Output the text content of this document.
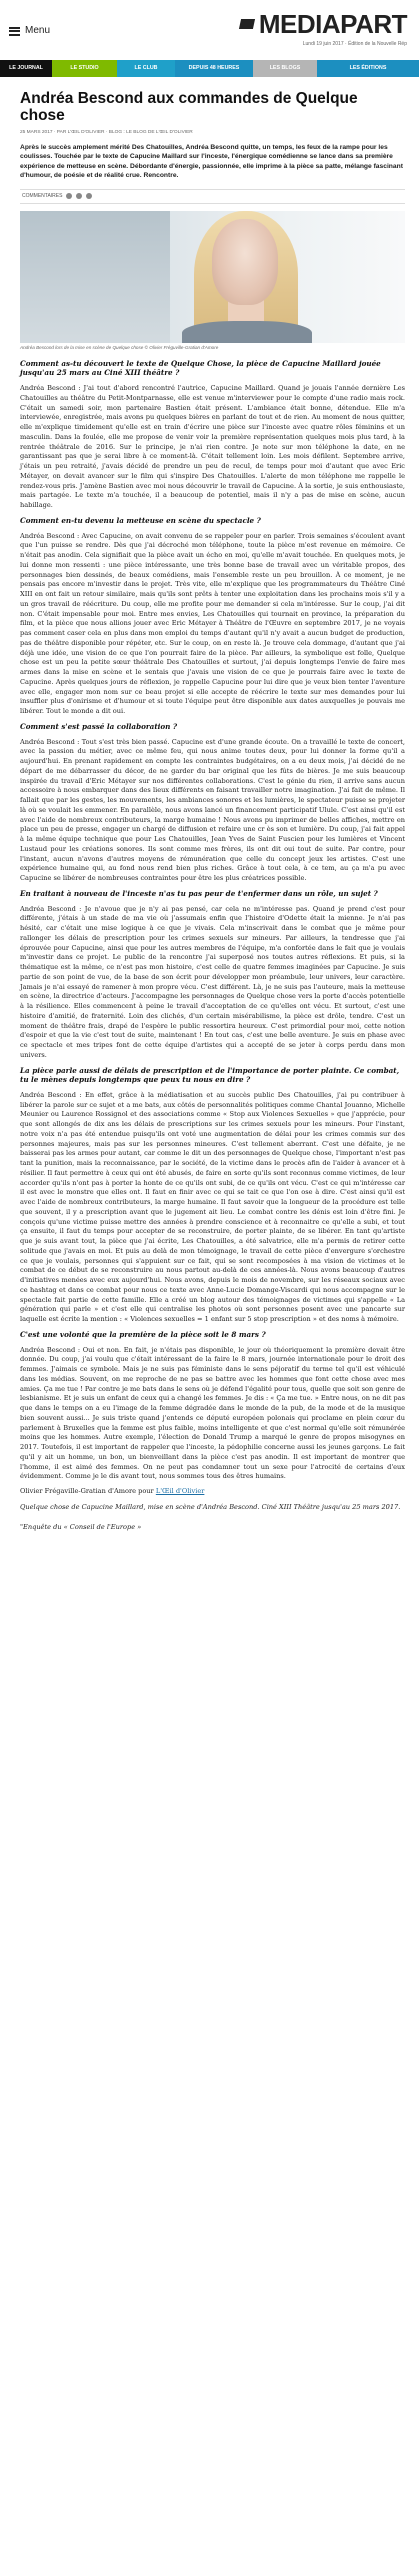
Menu	MEDIAPART
Lundi 19 juin 2017 · Édition de la Nouvelle Rép
LE JOURNAL	LE STUDIO	LE CLUB	DEPUIS 48 HEURES	LES BLOGS	LES ÉDITIONS
Andréa Bescond aux commandes de Quelque chose
25 MARS 2017 · PAR L'ŒIL D'OLIVIER · BLOG : LE BLOG DE L'ŒIL D'OLIVIER
Après le succès amplement mérité Des Chatouilles, Andréa Bescond quitte, un temps, les feux de la rampe pour les coulisses. Touchée par le texte de Capucine Maillard sur l'inceste, l'énergique comédienne se lance dans sa première expérience de metteuse en scène. Débordante d'énergie, passionnée, elle imprime à la pièce sa patte, mélange fascinant d'humour, de poésie et de réalité crue. Rencontre.
COMMENTAIRES
Andréa Bescond lors de la mise en scène de Quelque chose © Olivier Fréguville-Gratian d'Amore
Comment as-tu découvert le texte de Quelque Chose, la pièce de Capucine Maillard jouée jusqu'au 25 mars au Ciné XIII théâtre ?

Andréa Bescond : J'ai tout d'abord rencontré l'autrice, Capucine Maillard. Quand je jouais l'année dernière Les Chatouilles au théâtre du Petit-Montparnasse, elle est venue m'interviewer pour le compte d'une radio mais rock. C'était un samedi soir, mon partenaire Bastien était présent. L'ambiance était bonne, détendue. Elle m'a interviewée, enregistrée, mais avons pu quelques bières en parlant de tout et de rien. Au moment de nous quitter, elle m'explique timidement qu'elle est en train d'écrire une pièce sur l'inceste avec quatre rôles féminins et un masculin. Dans la foulée, elle me propose de venir voir la première représentation quelques mois plus tard, à la rentrée théâtrale de 2016. Sur le principe, je n'ai rien contre. Je note sur mon téléphone la date, en ne garantissant pas que je serai libre à ce moment-là. C'était tellement loin. Les mois défilent. Septembre arrive, j'étais un peu retraité, j'avais décidé de prendre un peu de recul, de temps pour moi d'autant que avec Eric Métayer, on devait avancer sur le film qui s'inspire Des Chatouilles. L'alerte de mon téléphone me rappelle le rendez-vous pris. J'amène Bastien avec moi nous découvrir le travail de Capucine. À la sortie, je suis enthousiaste, mais partagée. Le texte m'a touchée, il a beaucoup de potentiel, mais il n'y a pas de mise en scène, aucun habillage.

Comment en-tu devenu la metteuse en scène du spectacle ?

Andréa Bescond : Avec Capucine, on avait convenu de se rappeler pour en parler. Trois semaines s'écoulent avant que l'un puisse se rendre. Dès que j'ai décroché mon téléphone, toute la pièce m'est revenue en mémoire. Ce n'était pas anodin. Cela signifiait que la pièce avait un écho en moi, qu'elle m'avait touchée. En quelques mots, je lui donne mon ressenti : une pièce intéressante, une très bonne base de travail avec un véritable propos, des personnages bien dessinés, de beaux comédiens, mais l'ensemble reste un peu brouillon. À ce moment, je ne pensais pas encore m'investir dans le projet. Très vite, elle m'explique que les programmateurs du Théâtre Ciné XIII en ont fait un retour similaire, mais qu'ils sont prêts à tenter une exploitation dans les prochains mois s'il y a un gros travail de réécriture. Du coup, elle me profite pour me demander si cela m'intéresse. Sur le coup, j'ai dit non. C'était impensable pour moi. Entre mes envies, Les Chatouilles qui tournait en province, la préparation du film, et la pièce que nous allions jouer avec Eric Métayer à Théâtre de l'Œuvre en septembre 2017, je ne voyais pas comment caser cela en plus dans mon emploi du temps d'autant qu'il n'y avait a aucun budget de production, pas de théâtre disponible pour répéter, etc. Sur le coup, on en reste là. Je trouve cela dommage, d'autant que j'ai déjà une idée, une vision de ce que l'on pourrait faire de la pièce. Par ailleurs, la symbolique est folle, Quelque chose est un peu la petite sœur théâtrale Des Chatouilles et surtout, j'ai depuis longtemps l'envie de faire mes armes dans la mise en scène et le sentais que j'avais une vision de ce que je pourrais faire avec le texte de Capucine. Après quelques jours de réflexion, je rappelle Capucine pour lui dire que je veux bien tenter l'aventure avec elle, engager mon nom sur ce beau projet si elle accepte de réécrire le texte sur mes demandes pour lui insuffler plus d'onirisme et d'humour et si toute l'équipe peut être disponible aux dates auxquelles je pouvais me libérer. Tout le monde a dit oui.

Comment s'est passé la collaboration ?

Andréa Bescond : Tout s'est très bien passé. Capucine est d'une grande écoute. On a travaillé le texte de concert, avec la passion du métier, avec ce même feu, qui nous anime toutes deux, pour lui donner la forme qu'il a aujourd'hui. En prenant rapidement en compte les contraintes budgétaires, on a eu deux mois, j'ai décidé de ne départ de me débarrasser du décor, de ne garder du bar original que les fûts de bières. Je me suis beaucoup inspirée du travail d'Eric Métayer sur nos différentes collaborations. C'est le génie du rien, il arrive sans aucun accessoire à nous embarquer dans des lieux différents en faisant travailler notre imagination. J'ai fait de même. Il fallait que par les gestes, les mouvements, les ambiances sonores et les lumières, le spectateur puisse se projeter là où se voulait les emmener. En parallèle, nous avons lancé un financement participatif Ulule. C'est ainsi qu'il est avec l'aide de nombreux contributeurs, la marge humaine ! Nous avons pu imprimer de belles affiches, mettre en place un peu de presse, engager un chargé de diffusion et refaire une cr ès son et lumière. Du coup, j'ai fait appel à la même équipe technique que pour Les Chatouilles, Jean Yves de Saint Fuscien pour les lumières et Vincent Lustaud pour les créations sonores. Ils sont comme mes frères, ils ont dit oui tout de suite. Par contre, pour l'instant, aucun n'avons d'autres moyens de rémunération que celle du concept jeux les artistes. C'est une expérience humaine qui, au fond nous rend bien plus riches. Grâce à tout cela, à ce tem, au ça m'a pu avec Capucine se libérer de nombreuses contraintes pour être les plus créatrices possible.

En traitant à nouveau de l'inceste n'as tu pas peur de t'enfermer dans un rôle, un sujet ?

Andréa Bescond : Je n'avoue que je n'y ai pas pensé, car cela ne m'intéresse pas. Quand je prend c'est pour différente, j'étais à un stade de ma vie où j'assumais enfin que l'histoire d'Odette était la mienne. Je n'ai pas hésité, car c'était une mise logique à ce que je vivais. Cela m'inscrivait dans le combat que je même pour rallonger les délais de prescription pour les crimes sexuels sur mineurs. Par ailleurs, la tendresse que j'ai éprouvée pour Capucine, ainsi que pour les autres membres de l'équipe, m'a confortée dans le fait que je voulais m'investir dans ce projet. Le public de la rencontre j'ai superposé nos toutes autres réflexions. Et puis, si la thématique est la même, ce n'est pas mon histoire, c'est celle de quatre femmes imaginées par Capucine. Je suis partie de son point de vue, de la base de son écrit pour développer mon préambule, leur univers, leur caractère. Jamais je n'ai essayé de ramener à mon propre vécu. C'est différent. Là, je ne suis pas l'auteure, mais la metteuse en scène, la directrice d'acteurs. J'accompagne les personnages de Quelque chose vers la porte d'accès potentielle à la résilience. Elles commencent à peine le travail d'acceptation de ce qu'elles ont vécu. Et surtout, c'est une histoire d'amitié, de fraternité. Loin des clichés, d'un certain misérabilisme, la pièce est drôle, tendre. C'est un moment de théâtre frais, drapé de l'espère le public ressortira heureux. C'est primordial pour moi, cette notion d'espoir et que la vie c'est tout de suite, maintenant ! En tout cas, c'est une belle aventure. Je suis en phase avec ce spectacle et mes tripes font de cette équipe d'artistes qui a accepté de se jeter à corps perdu dans mon univers.

La pièce parle aussi de délais de prescription et de l'importance de porter plainte. Ce combat, tu le mènes depuis longtemps que peux tu nous en dire ?

Andréa Bescond : En effet, grâce à la médiatisation et au succès public Des Chatouilles, j'ai pu contribuer à libérer la parole sur ce sujet et a me bats, aux côtés de personnalités politiques comme Chantal Jouanno, Michelle Meunier ou Laurence Rossignol et des associations comme « Stop aux Violences Sexuelles » que j'apprécie, pour que sont allongés de dix ans les délais de prescriptions sur les crimes sexuels pour les mineurs. Pour l'instant, notre voix n'a pas été entendue puisqu'ils ont voté une augmentation de délai pour les crimes commis sur des personnes majeures, mais pas sur les personnes mineures. C'est tellement aberrant. C'est une défaite, je ne baisserai pas les armes pour autant, car comme le dit un des personnages de Quelque chose, l'important n'est pas tant la punition, mais la reconnaissance, par le société, de la victime dans le procès afin de l'aider à avancer et à résilier. Il faut permettre à ceux qui ont été abusés, de faire en sorte qu'ils sont reconnus comme victimes, de leur accorder qu'ils n'ont pas à porter la honte de ce qu'ils ont subi, de ce qu'ils ont vécu. C'est ce qui m'intéresse car il est avec le monstre que elles ont. Il faut en finir avec ce qui se tait ce que l'on ose à dire. C'est ainsi qu'il est avec l'aide de nombreux contributeurs, la marge humaine. Il faut savoir que la longueur de la procédure est telle que souvent, il y a prescription avant que le jugement ait lieu. Le combat contre les dénis est loin d'être fini. Je conçois qu'une victime puisse mettre des années à prendre conscience et à reconnaitre ce qu'elle a subi, et tout ça ensuite, il faut du temps pour accepter de se reconstruire, de porter plainte, de se libérer. En tant qu'artiste que je suis avant tout, la pièce que j'ai écrite, Les Chatouilles, a été salvatrice, elle m'a permis de retirer cette solitude que j'avais en moi. Et puis au delà de mon témoignage, le travail de cette pièce d'envergure s'orchestre ce que je voulais, personnes qui s'appuient sur ce fait, qui se sont recomposées à ma vision de victimes et le combat de ce début de se reconstruire au nous partout au-delà de ces années-là. Nous avons beaucoup d'autres d'initiatives menées avec eux aujourd'hui. Nous avons, depuis le mois de novembre, sur les réseaux sociaux avec ce hashtag et dans ce combat pour nous ce texte avec Anne-Lucie Domange-Viscardi qui nous accompagne sur le spectacle fait partie de cette famille. Elle a créé un blog autour des témoignages de victimes qui s'appelle « La génération qui parle » et c'est elle qui centralise les photos où sont personnes posent avec une pancarte sur laquelle est écrite la mention : « Violences sexuelles = 1 enfant sur 5 stop prescription » et des noms à mémoire.

C'est une volonté que la première de la pièce soit le 8 mars ?

Andréa Bescond : Oui et non. En fait, je n'étais pas disponible, le jour où théoriquement la première devait être donnée. Du coup, j'ai voulu que c'était intéressant de la faire le 8 mars, journée internationale pour le droit des femmes. J'aimais ce symbole. Mais je ne suis pas féministe dans le sens péjoratif du terme tel qu'il est véhiculé dans les médias. Souvent, on me reproche de ne pas se battre avec les hommes que font cette chose avec mes amies. Ça me tue ! Par contre je me bats dans le sens où je défend l'égalité pour tous, quelle que soit son genre de lesbianisme. Et je suis un enfant de ceux qui a changé les femmes. Je dis : « Ça me tue. » Entre nous, on ne dit pas que dans le temps on a eu l'image de la femme dégradée dans le monde de la pub, de la mode et de la musique bien souvent aussi... Je suis triste quand j'entends ce député européen polonais qui proclame en plein cœur du parlement à Bruxelles que la femme est plus faible, moins intelligente et que c'est normal qu'elle soit rémunérée moins que les hommes. Autre exemple, l'élection de Donald Trump a marqué le genre de propos misogynes en 2017. Toutefois, il est important de rappeler que l'inceste, la pédophilie concerne aussi les jeunes garçons. Le fait qu'il y ait un homme, un bon, un bienveillant dans la pièce c'est pas anodin. Il est important de montrer que l'homme, il est aimé des femmes. On ne peut pas condamner tout un sexe pour l'atrocité de certains d'eux évidemment. Comme je le dis avant tout, nous sommes tous des êtres humains.

Olivier Frégaville-Gratian d'Amore pour L'Œil d'Olivier

Quelque chose de Capucine Maillard, mise en scène d'Andréa Bescond. Ciné XIII Théâtre jusqu'au 25 mars 2017.

"Enquête du « Conseil de l'Europe »
